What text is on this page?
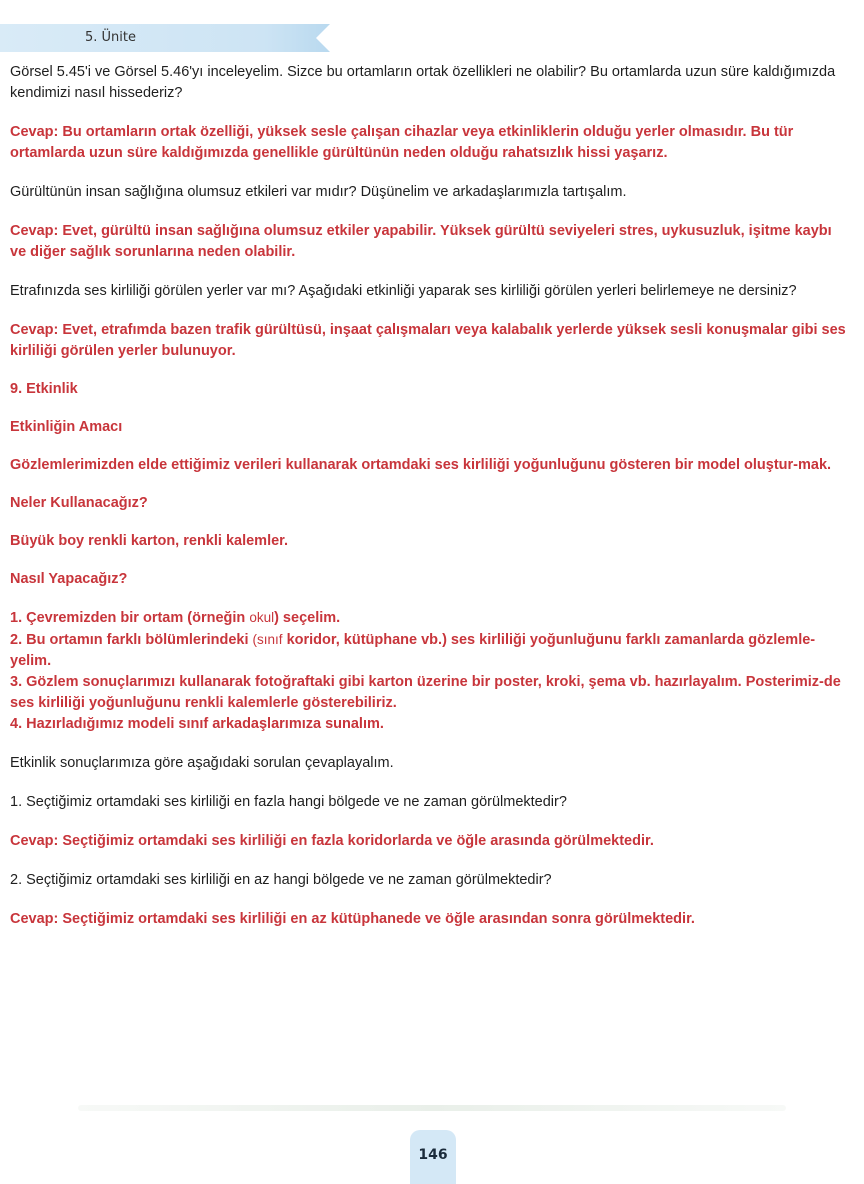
5. Ünite

Görsel 5.45'i ve Görsel 5.46'yı inceleyelim. Sizce bu ortamların ortak özellikleri ne olabilir? Bu ortamlarda uzun süre kaldığımızda kendimizi nasıl hissederiz?

Cevap: Bu ortamların ortak özelliği, yüksek sesle çalışan cihazlar veya etkinliklerin olduğu yerler olmasıdır. Bu tür ortamlarda uzun süre kaldığımızda genellikle gürültünün neden olduğu rahatsızlık hissi yaşarız.

Gürültünün insan sağlığına olumsuz etkileri var mıdır? Düşünelim ve arkadaşlarımızla tartışalım.

Cevap: Evet, gürültü insan sağlığına olumsuz etkiler yapabilir. Yüksek gürültü seviyeleri stres, uykusuzluk, işitme kaybı ve diğer sağlık sorunlarına neden olabilir.

Etrafınızda ses kirliliği görülen yerler var mı? Aşağıdaki etkinliği yaparak ses kirliliği görülen yerleri belirlemeye ne dersiniz?

Cevap: Evet, etrafımda bazen trafik gürültüsü, inşaat çalışmaları veya kalabalık yerlerde yüksek sesli konuşmalar gibi ses kirliliği görülen yerler bulunuyor.

9. Etkinlik

Etkinliğin Amacı

Gözlemlerimizden elde ettiğimiz verileri kullanarak ortamdaki ses kirliliği yoğunluğunu gösteren bir model oluştur-mak.

Neler Kullanacağız?

Büyük boy renkli karton, renkli kalemler.

Nasıl Yapacağız?

1. Çevremizden bir ortam (örneğin okul) seçelim.

2. Bu ortamın farklı bölümlerindeki (sınıf koridor, kütüphane vb.) ses kirliliği yoğunluğunu farklı zamanlarda gözlemle-yelim.

3. Gözlem sonuçlarımızı kullanarak fotoğraftaki gibi karton üzerine bir poster, kroki, şema vb. hazırlayalım. Posterimiz-de ses kirliliği yoğunluğunu renkli kalemlerle gösterebiliriz.

4. Hazırladığımız modeli sınıf arkadaşlarımıza sunalım.

Etkinlik sonuçlarımıza göre aşağıdaki sorulan çevaplayalım.

1. Seçtiğimiz ortamdaki ses kirliliği en fazla hangi bölgede ve ne zaman görülmektedir?

Cevap: Seçtiğimiz ortamdaki ses kirliliği en fazla koridorlarda ve öğle arasında görülmektedir.

2. Seçtiğimiz ortamdaki ses kirliliği en az hangi bölgede ve ne zaman görülmektedir?

Cevap: Seçtiğimiz ortamdaki ses kirliliği en az kütüphanede ve öğle arasından sonra görülmektedir.

146
